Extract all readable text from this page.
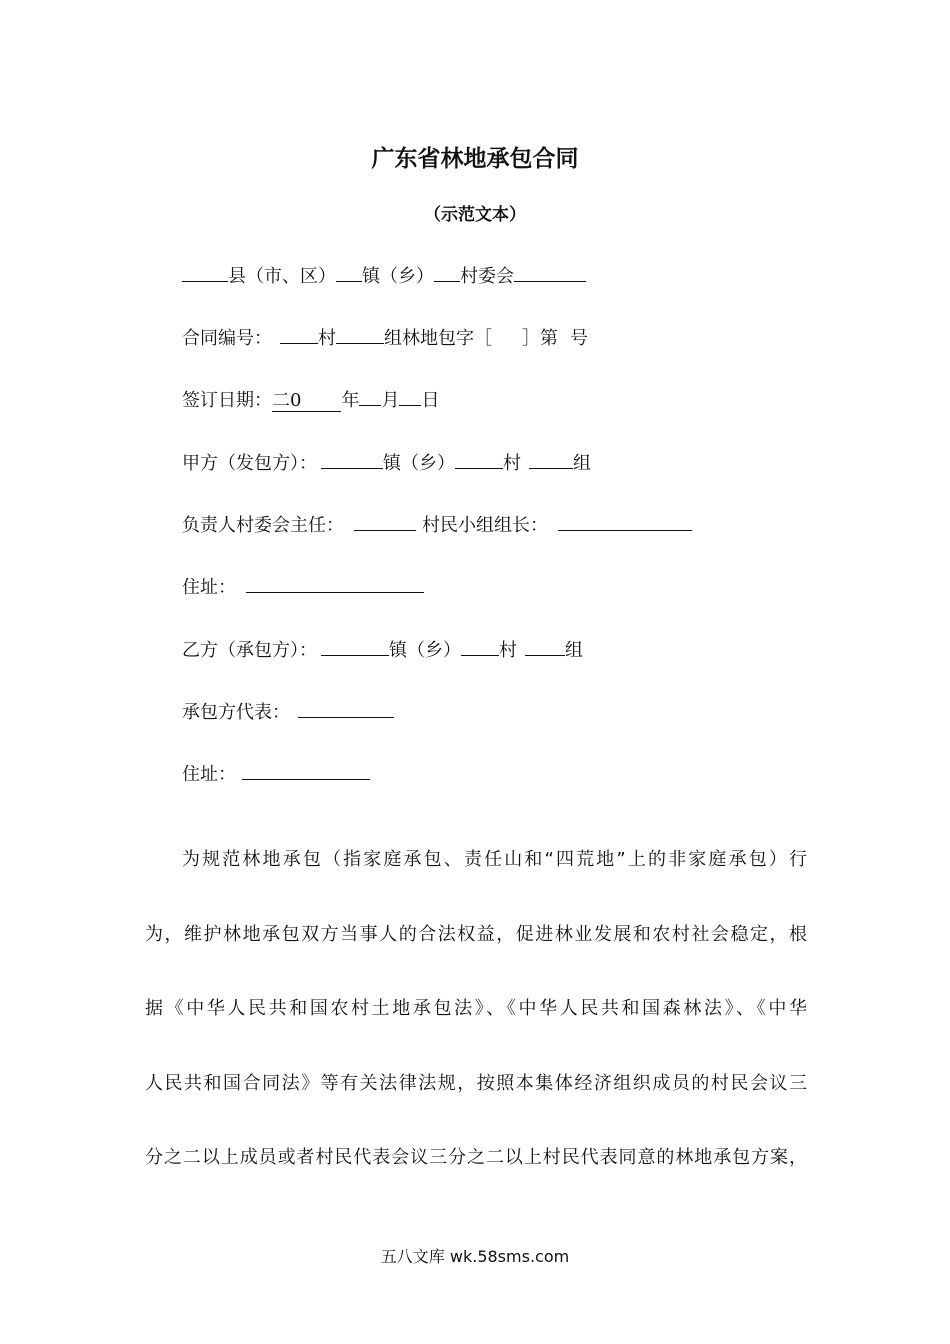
广东省林地承包合同
（示范文本）
县（市、区） 镇（乡） 村委会
合同编号：	村	组林地包字［ ］第 号
签订日期：二0 年 月 日
甲方（发包方）：	镇（乡）	村	组
负责人村委会主任：	村民小组组长：
住址：
乙方（承包方）：	镇（乡） 村	组
承包方代表：
住址：
为规范林地承包（指家庭承包、责任山和“四荒地”上的非家庭承包）行
为，维护林地承包双方当事人的合法权益，促进林业发展和农村社会稳定，根
据《中华人民共和国农村土地承包法》、《中华人民共和国森林法》、《中华
人民共和国合同法》等有关法律法规，按照本集体经济组织成员的村民会议三
分之二以上成员或者村民代表会议三分之二以上村民代表同意的林地承包方案，
五八文库 wk.58sms.com
